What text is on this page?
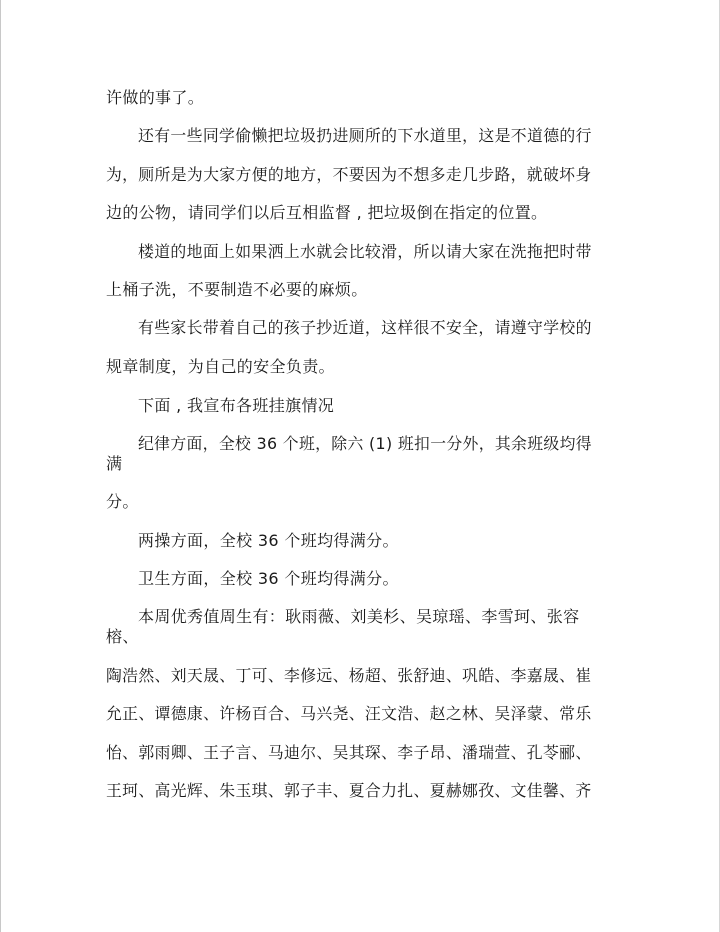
许做的事了。
还有一些同学偷懒把垃圾扔进厕所的下水道里，这是不道德的行
为，厕所是为大家方便的地方，不要因为不想多走几步路，就破坏身
边的公物，请同学们以后互相监督 , 把垃圾倒在指定的位置。
楼道的地面上如果洒上水就会比较滑，所以请大家在洗拖把时带
上桶子洗，不要制造不必要的麻烦。
有些家长带着自己的孩子抄近道，这样很不安全，请遵守学校的
规章制度，为自己的安全负责。
下面 , 我宣布各班挂旗情况
纪律方面，全校 36 个班，除六 (1) 班扣一分外，其余班级均得
满
分。
两操方面，全校 36 个班均得满分。
卫生方面，全校 36 个班均得满分。
本周优秀值周生有：耿雨薇、刘美杉、吴琼瑶、李雪珂、张容
榕、
陶浩然、刘天晟、丁可、李修远、杨超、张舒迪、巩皓、李嘉晟、崔
允正、谭德康、许杨百合、马兴尧、汪文浩、赵之林、吴泽蒙、常乐
怡、郭雨卿、王子言、马迪尔、吴其琛、李子昂、潘瑞萱、孔苓郦、
王珂、高光辉、朱玉琪、郭子丰、夏合力扎、夏赫娜孜、文佳馨、齐
